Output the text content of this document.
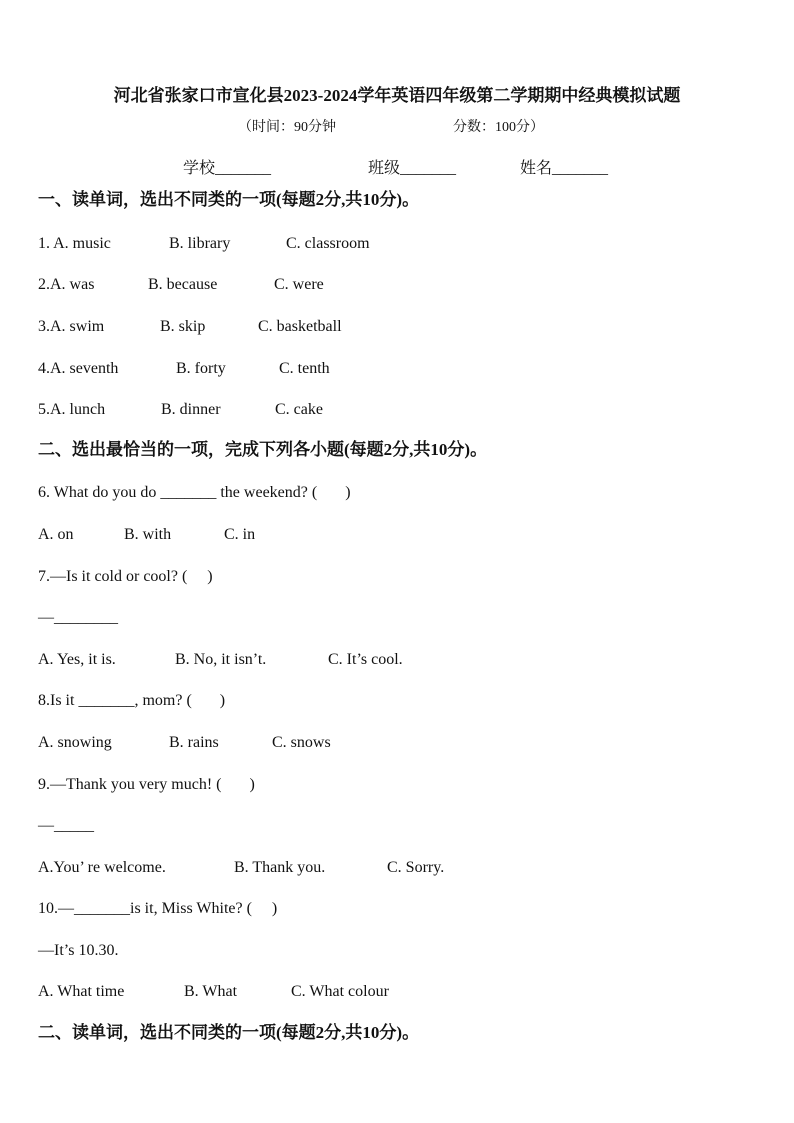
河北省张家口市宣化县2023-2024学年英语四年级第二学期期中经典模拟试题
（时间：90分钟	分数：100分）
学校_______	班级_______	姓名_______
一、读单词，选出不同类的一项(每题2分,共10分)。
1. A. music	B. library	C. classroom
2.A. was	B. because	C. were
3.A. swim	B. skip	C. basketball
4.A. seventh	B. forty	C. tenth
5.A. lunch	B. dinner	C. cake
二、选出最恰当的一项，完成下列各小题(每题2分,共10分)。
6. What do you do _______ the weekend? (       )
A. on	B. with	C. in
7.—Is it cold or cool? (     )
—________
A. Yes, it is.	B. No, it isn’t.	C. It’s cool.
8.Is it _______, mom? (       )
A. snowing	B. rains	C. snows
9.—Thank you very much! (       )
—_____
A.You’ re welcome.	B. Thank you.	C. Sorry.
10.—_______is it, Miss White? (     )
—It’s 10.30.
A. What time	B. What	C. What colour
二、读单词，选出不同类的一项(每题2分,共10分)。
